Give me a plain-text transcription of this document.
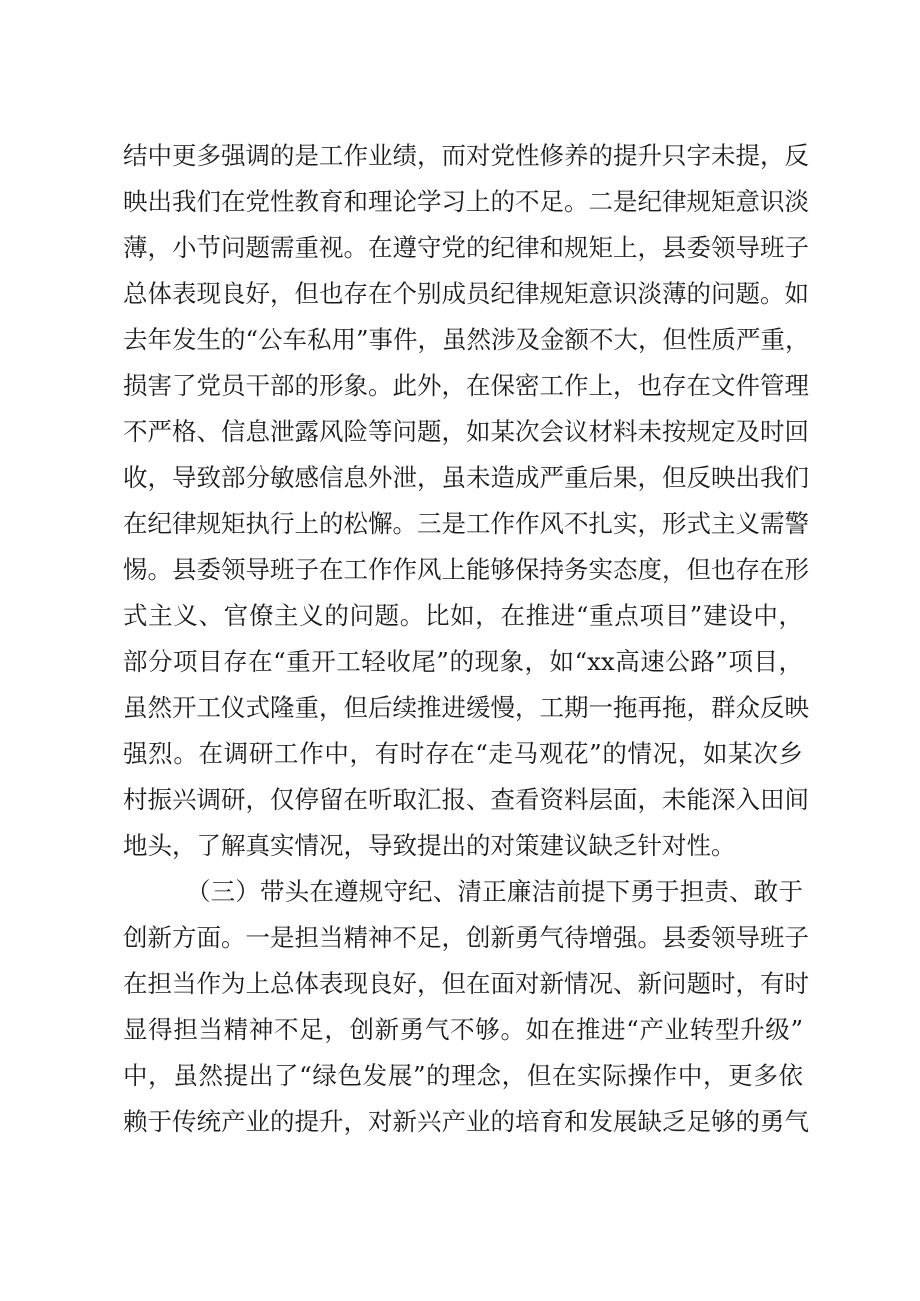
结中更多强调的是工作业绩，而对党性修养的提升只字未提，反
映出我们在党性教育和理论学习上的不足。二是纪律规矩意识淡
薄，小节问题需重视。在遵守党的纪律和规矩上，县委领导班子
总体表现良好，但也存在个别成员纪律规矩意识淡薄的问题。如
去年发生的“公车私用”事件，虽然涉及金额不大，但性质严重，
损害了党员干部的形象。此外，在保密工作上，也存在文件管理
不严格、信息泄露风险等问题，如某次会议材料未按规定及时回
收，导致部分敏感信息外泄，虽未造成严重后果，但反映出我们
在纪律规矩执行上的松懈。三是工作作风不扎实，形式主义需警
惕。县委领导班子在工作作风上能够保持务实态度，但也存在形
式主义、官僚主义的问题。比如，在推进“重点项目”建设中，
部分项目存在“重开工轻收尾”的现象，如“xx高速公路”项目，
虽然开工仪式隆重，但后续推进缓慢，工期一拖再拖，群众反映
强烈。在调研工作中，有时存在“走马观花”的情况，如某次乡
村振兴调研，仅停留在听取汇报、查看资料层面，未能深入田间
地头，了解真实情况，导致提出的对策建议缺乏针对性。
（三）带头在遵规守纪、清正廉洁前提下勇于担责、敢于
创新方面。一是担当精神不足，创新勇气待增强。县委领导班子
在担当作为上总体表现良好，但在面对新情况、新问题时，有时
显得担当精神不足，创新勇气不够。如在推进“产业转型升级”
中，虽然提出了“绿色发展”的理念，但在实际操作中，更多依
赖于传统产业的提升，对新兴产业的培育和发展缺乏足够的勇气
